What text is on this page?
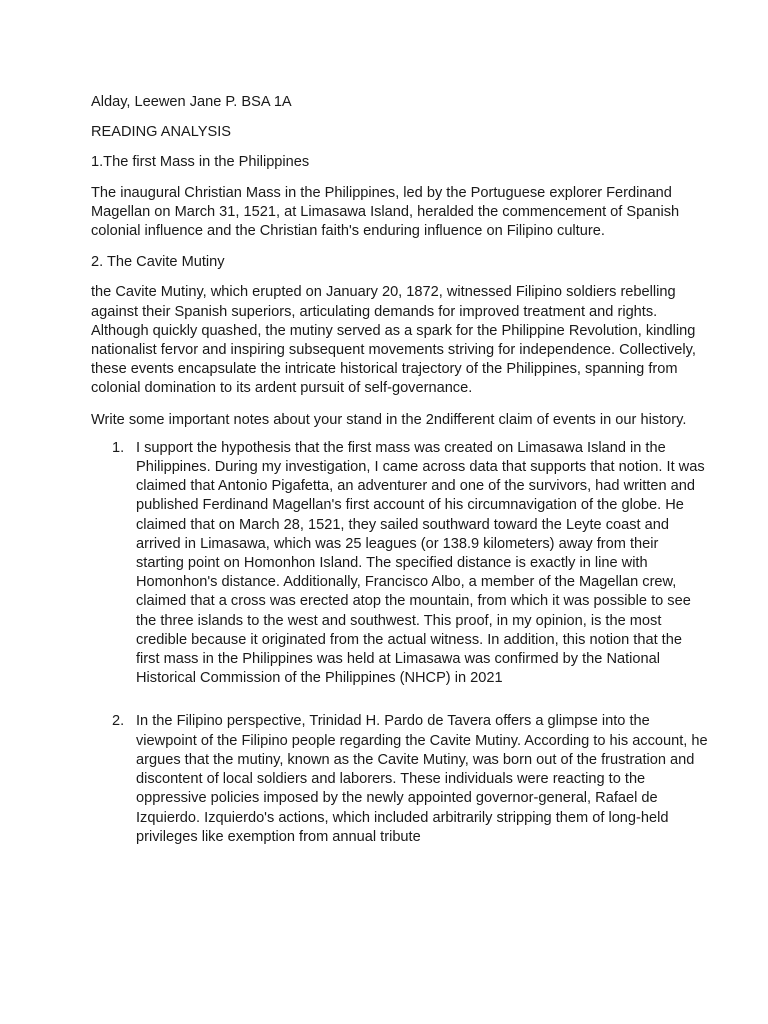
Alday, Leewen Jane P. BSA 1A

READING ANALYSIS

1.The first Mass in the Philippines

The inaugural Christian Mass in the Philippines, led by the Portuguese explorer Ferdinand Magellan on March 31, 1521, at Limasawa Island, heralded the commencement of Spanish colonial influence and the Christian faith's enduring influence on Filipino culture.

2. The Cavite Mutiny

the Cavite Mutiny, which erupted on January 20, 1872, witnessed Filipino soldiers rebelling against their Spanish superiors, articulating demands for improved treatment and rights. Although quickly quashed, the mutiny served as a spark for the Philippine Revolution, kindling nationalist fervor and inspiring subsequent movements striving for independence. Collectively, these events encapsulate the intricate historical trajectory of the Philippines, spanning from colonial domination to its ardent pursuit of self-governance.

Write some important notes about your stand in the 2ndifferent claim of events in our history.

1. I support the hypothesis that the first mass was created on Limasawa Island in the Philippines. During my investigation, I came across data that supports that notion. It was claimed that Antonio Pigafetta, an adventurer and one of the survivors, had written and published Ferdinand Magellan's first account of his circumnavigation of the globe. He claimed that on March 28, 1521, they sailed southward toward the Leyte coast and arrived in Limasawa, which was 25 leagues (or 138.9 kilometers) away from their starting point on Homonhon Island. The specified distance is exactly in line with Homonhon's distance. Additionally, Francisco Albo, a member of the Magellan crew, claimed that a cross was erected atop the mountain, from which it was possible to see the three islands to the west and southwest. This proof, in my opinion, is the most credible because it originated from the actual witness. In addition, this notion that the first mass in the Philippines was held at Limasawa was confirmed by the National Historical Commission of the Philippines (NHCP) in 2021
2. In the Filipino perspective, Trinidad H. Pardo de Tavera offers a glimpse into the viewpoint of the Filipino people regarding the Cavite Mutiny. According to his account, he argues that the mutiny, known as the Cavite Mutiny, was born out of the frustration and discontent of local soldiers and laborers. These individuals were reacting to the oppressive policies imposed by the newly appointed governor-general, Rafael de Izquierdo. Izquierdo's actions, which included arbitrarily stripping them of long-held privileges like exemption from annual tribute
